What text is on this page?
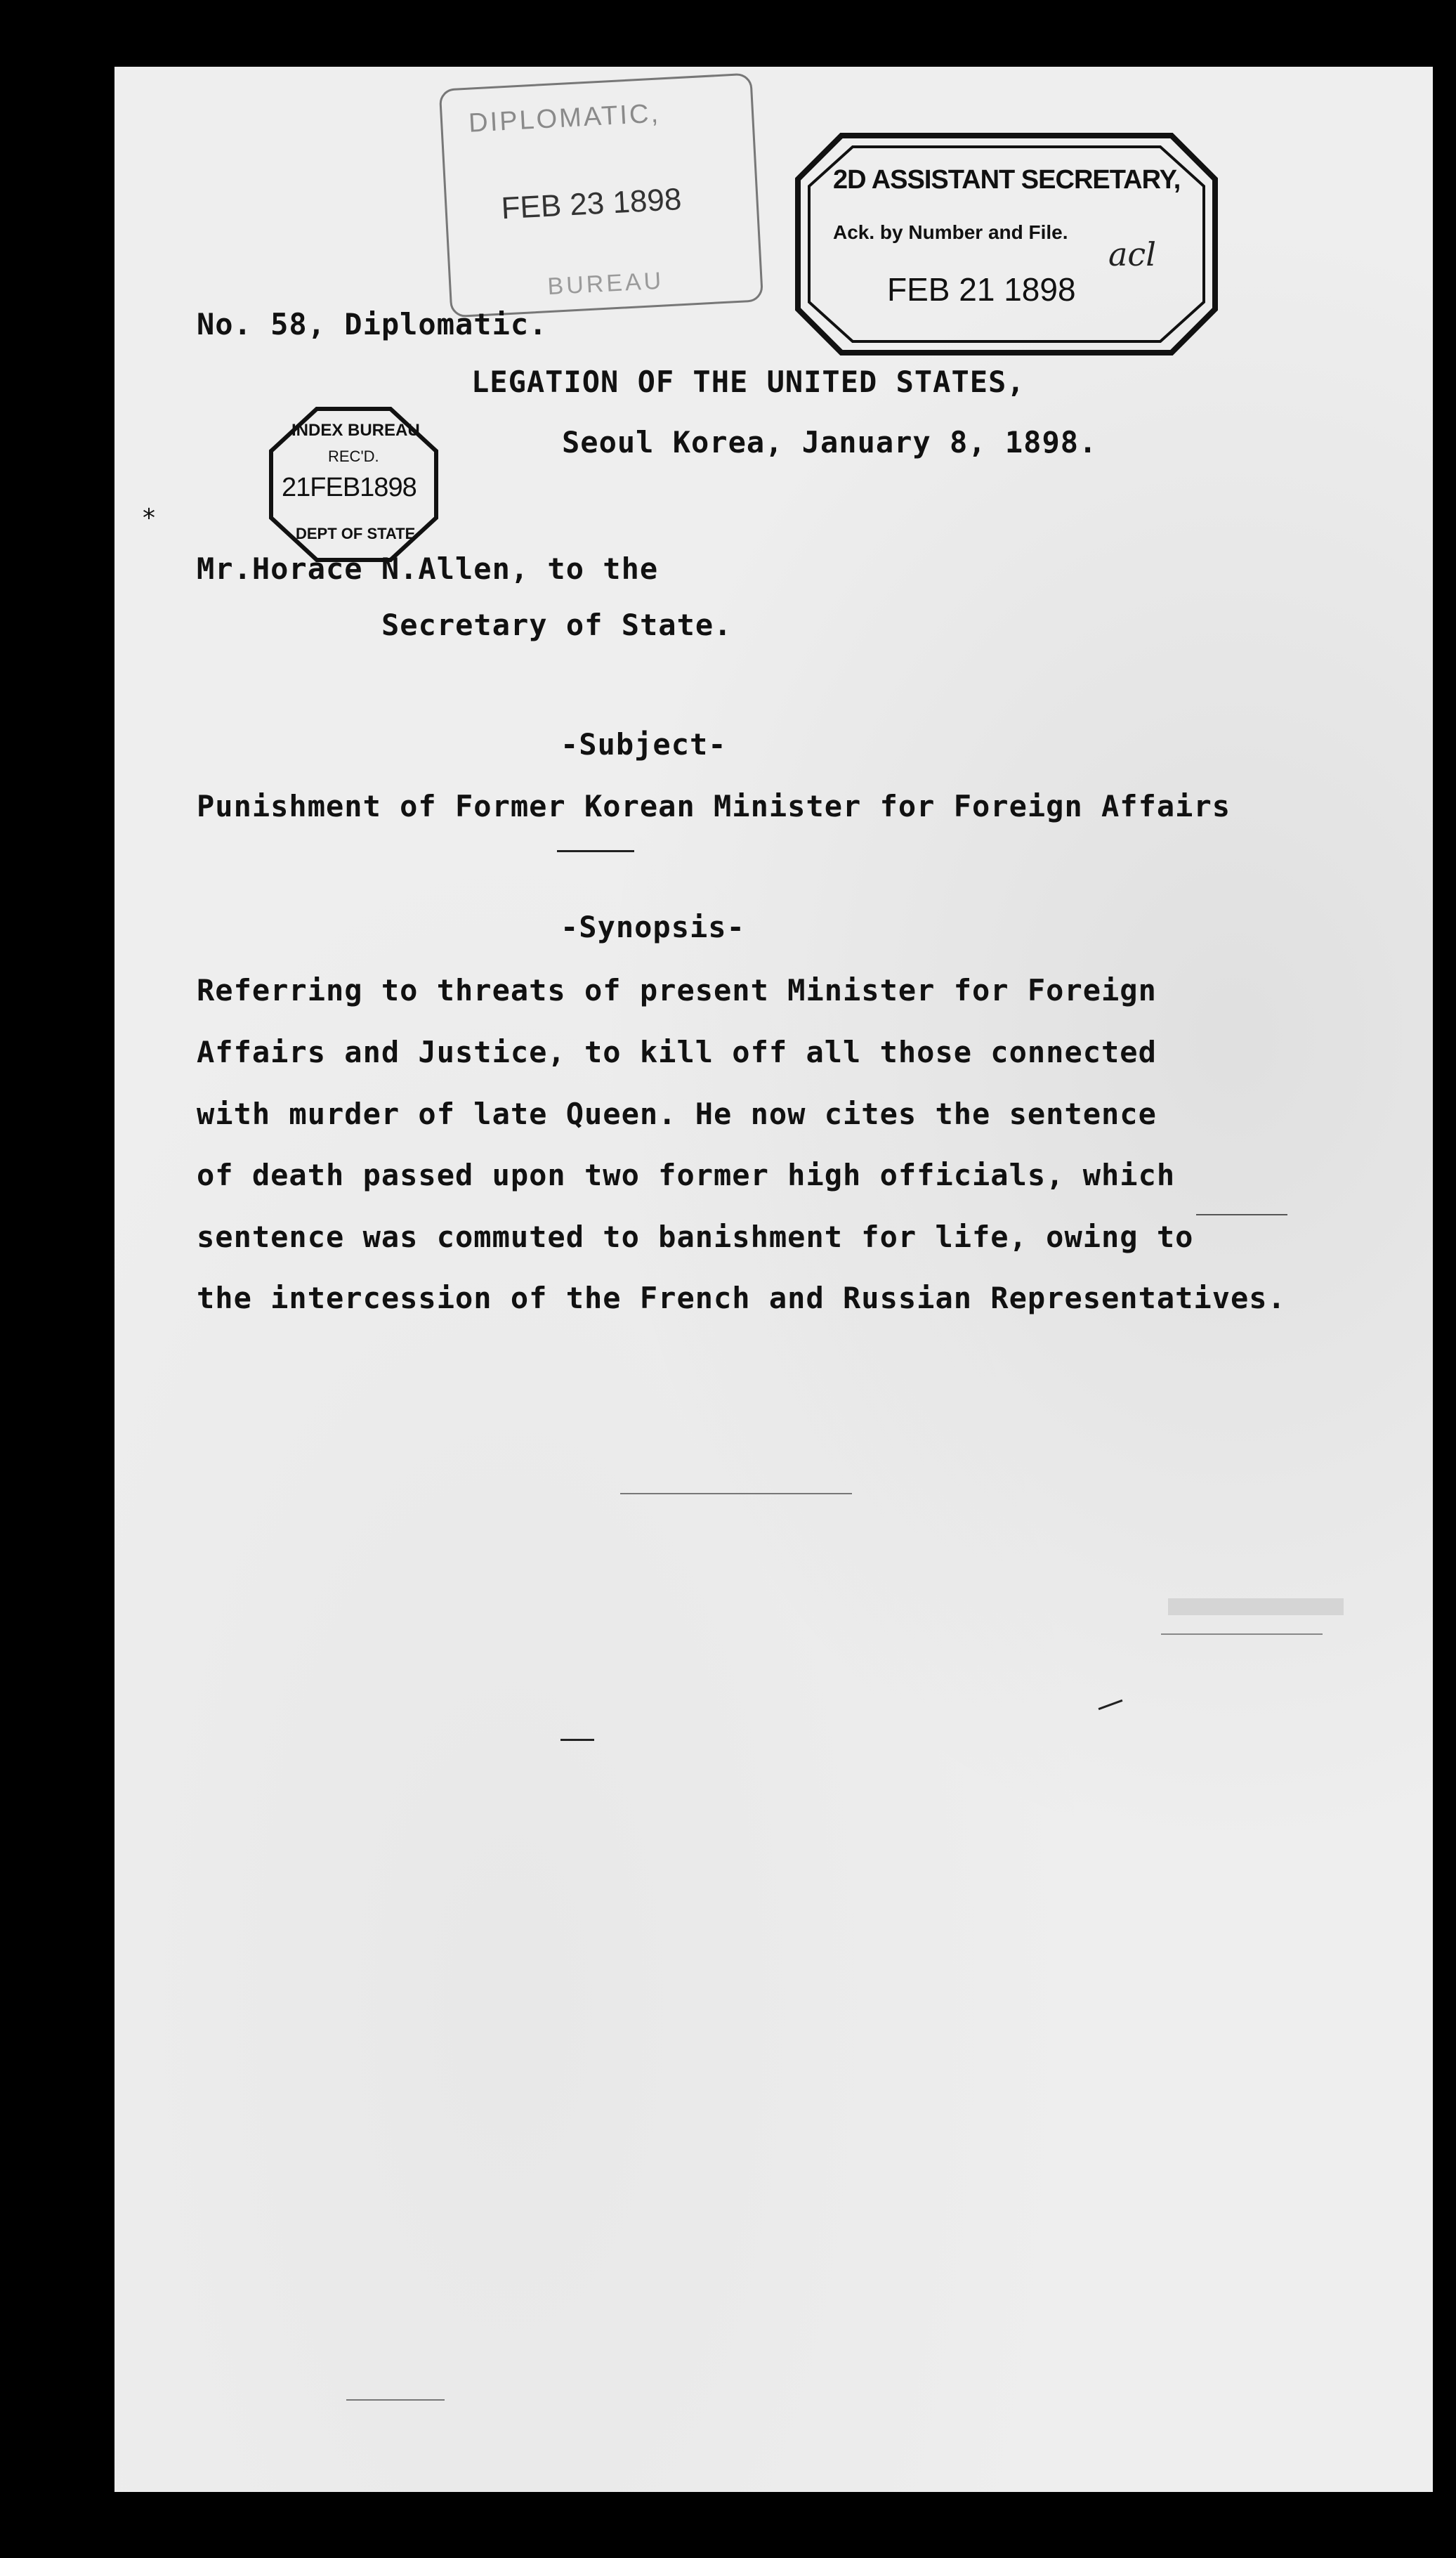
DIPLOMATIC,
FEB 23 1898
BUREAU
2D ASSISTANT SECRETARY,
Ack. by Number and File.
FEB 21 1898
acl
No. 58, Diplomatic.
LEGATION OF THE UNITED STATES,
INDEX BUREAU
REC'D.
21FEB1898
DEPT OF STATE
Seoul Korea, January 8, 1898.
*
Mr.Horace N.Allen, to the
Secretary of State.
-Subject-
Punishment of Former Korean Minister for Foreign Affairs
-Synopsis-
Referring to threats of present Minister for Foreign
Affairs and Justice, to kill off all those connected
with murder of late Queen. He now cites the sentence
of death passed upon two former high officials, which
sentence was commuted to banishment for life, owing to
the intercession of the French and Russian Representatives.
